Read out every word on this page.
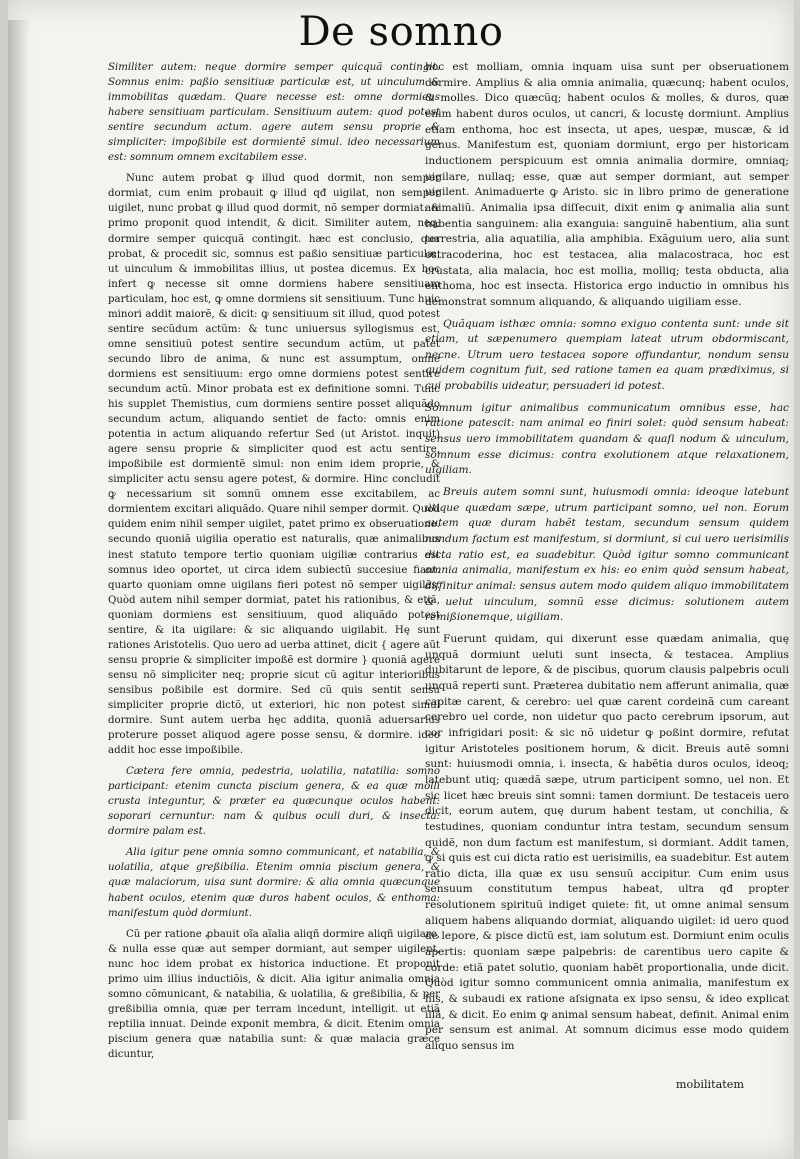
De somno

Similiter autem: neque dormire semper quicquã contingit. Somnus enim: paßio sensitiuæ particulæ est, ut uinculum & immobilitas quædam. Quare necesse est: omne dormiens habere sensitiuam particulam. Sensitiuum autem: quod potest sentire secundum actum. agere autem sensu proprie & simpliciter: impoßibile est dormientẽ simul. ideo necessarium est: somnum omnem excitabilem esse.

Nunc autem probat ꝙ illud quod dormit, non semper dormiat, cum enim probauit ꝙ illud qđ uigilat, non semper uigilet, nunc probat ꝙ illud quod dormit, nõ semper dormiat: & primo proponit quod intendit, & dicit. Similiter autem, neq; dormire semper quicquã contingit. hæc est conclusio, qua probat, & procedit sic, somnus est paßio sensitiuæ particulæ, ut uinculum & immobilitas illius, ut postea dicemus. Ex hoc infert ꝙ necesse sit omne dormiens habere sensitiuam particulam, hoc est, ꝙ omne dormiens sit sensitiuum. Tunc huic minori addit maiorẽ, & dicit: ꝙ sensitiuum sit illud, quod potest sentire secũdum actũm: & tunc uniuersus syllogismus est, omne sensitiuũ potest sentire secundum actũm, ut patet secundo libro de anima, & nunc est assumptum, omne dormiens est sensitiuum: ergo omne dormiens potest sentire secundum actũ. Minor probata est ex definitione somni. Tunc his supplet Themistius, cum dormiens sentire posset aliquãdo secundum actum, aliquando sentiet de facto: omnis enim potentia in actum aliquando refertur Sed (ut Aristot. inquit) agere sensu proprie & simpliciter quod est actu sentire, impoßibile est dormientẽ simul: non enim idem proprie, & simpliciter actu sensu agere potest, & dormire. Hinc concludit ꝙ necessarium sit somnũ omnem esse excitabilem, ac dormientem excitari aliquãdo. Quare nihil semper dormit. Quòd quidem enim nihil semper uigilet, patet primo ex obseruatione. secundo quoniã uigilia operatio est naturalis, quæ animalibus inest statuto tempore tertio quoniam uigiliæ contrarius est somnus ideo oportet, ut circa idem subiectũ succesiue fiant. quarto quoniam omne uigilans fieri potest nõ semper uigilãs. Quòd autem nihil semper dormiat, patet his rationibus, & etiã, quoniam dormiens est sensitiuum, quod aliquãdo potest sentire, & ita uigilare: & sic aliquando uigilabit. Hę sunt rationes Aristotelis. Quo uero ad uerba attinet, dicit { agere aũt sensu proprie & simpliciter impoßẽ est dormire } quoniã agere sensu nõ simpliciter neq; proprie sicut cũ agitur interioribus sensibus poßibile est dormire. Sed cũ quis sentit sensu simpliciter proprie dictõ, ut exteriori, hic non potest simul dormire. Sunt autem uerba hęc addita, quoniã aduersarius proterure posset aliquod agere posse sensu, & dormire. ideo addit hoc esse impoßibile.

Cætera fere omnia, pedestria, uolatilia, natatilia: somno participant: etenim cuncta piscium genera, & ea quæ molli crusta integuntur, & præter ea quæcunque oculos habent: soporari cernuntur: nam & quibus oculi duri, & insecta: dormire palam est.

Alia igitur pene omnia somno communicant, et natabilia, & uolatilia, atque greßibilia. Etenim omnia piscium genera, & quæ malaciorum, uisa sunt dormire: & alia omnia quæcunque habent oculos, etenim quæ duros habent oculos, & enthoma: manifestum quòd dormiunt.

Cũ per ratione ꝓbauit oĩa aĩalia aliqñ dormire aliqñ uigilare, & nulla esse quæ aut semper dormiant, aut semper uigilent, nunc hoc idem probat ex historica inductione. Et proponit primo uim illius inductiõis, & dicit. Alia igitur animalia omnia somno cõmunicant, & natabilia, & uolatilia, & greßibilia, & per greßibilia omnia, quæ per terram incedunt, intelligit. ut etiã reptilia innuat. Deinde exponit membra, & dicit. Etenim omnia piscium genera quæ natabilia sunt: & quæ malacia græce dicuntur,

hoc est molliam, omnia inquam uisa sunt per obseruationem dormire. Amplius & alia omnia animalia, quæcunq; habent oculos, & molles. Dico quæcũq; habent oculos & molles, & duros, quæ enim habent duros oculos, ut cancri, & locustę dormiunt. Amplius etiam enthoma, hoc est insecta, ut apes, uespæ, muscæ, & id genus. Manifestum est, quoniam dormiunt, ergo per historicam inductionem perspicuum est omnia animalia dormire, omniaq; uigilare, nullaq; esse, quæ aut semper dormiant, aut semper uigilent. Animaduerte ꝙ Aristo. sic in libro primo de generatione animaliũ. Animalia ipsa diſſecuit, dixit enim ꝙ animalia alia sunt habentia sanguinem: alia exanguia: sanguinẽ habentium, alia sunt terrestria, alia aquatilia, alia amphibia. Exãguium uero, alia sunt ostracoderina, hoc est testacea, alia malacostraca, hoc est crustata, alia malacia, hoc est mollia, molliq; testa obducta, alia enthoma, hoc est insecta. Historica ergo inductio in omnibus his demonstrat somnum aliquando, & aliquando uigiliam esse.

Quãquam isthæc omnia: somno exiguo contenta sunt: unde sit etiam, ut sæpenumero quempiam lateat utrum obdormiscant, necne. Utrum uero testacea sopore offundantur, nondum sensu quidem cognitum fuit, sed ratione tamen ea quam prædiximus, si cui probabilis uideatur, persuaderi id potest.

Somnum igitur animalibus communicatum omnibus esse, hac ratione patescit: nam animal eo finiri solet: quòd sensum habeat: sensus uero immobilitatem quandam & quaſi nodum & uinculum, somnum esse dicimus: contra exolutionem atque relaxationem, uigiliam.

Breuis autem somni sunt, huiusmodi omnia: ideoque latebunt utique quædam sæpe, utrum participant somno, uel non. Eorum autem quæ duram habẽt testam, secundum sensum quidem nondum factum est manifestum, si dormiunt, si cui uero uerisimilis dicta ratio est, ea suadebitur. Quòd igitur somno communicant omnia animalia, manifestum ex his: eo enim quòd sensum habeat, diffinitur animal: sensus autem modo quidem aliquo immobilitatem & uelut uinculum, somnũ esse dicimus: solutionem autem remißionemque, uigiliam.

Fuerunt quidam, qui dixerunt esse quædam animalia, quę unquã dormiunt ueluti sunt insecta, & testacea. Amplius dubitarunt de lepore, & de piscibus, quorum clausis palpebris oculi unquã reperti sunt. Præterea dubitatio nem afferunt animalia, quæ capitæ carent, & cerebro: uel quæ carent cordeinã cum careant cerebro uel corde, non uidetur quo pacto cerebrum ipsorum, aut cor infrigidari posit: & sic nõ uidetur ꝙ poßint dormire, refutat igitur Aristoteles positionem horum, & dicit. Breuis autẽ somni sunt: huiusmodi omnia, i. insecta, & habẽtia duros oculos, ideoq; latebunt utiq; quædã sæpe, utrum participent somno, uel non. Et sic licet hæc breuis sint somni: tamen dormiunt. De testaceis uero dicit, eorum autem, quę durum habent testam, ut conchilia, & testudines, quoniam conduntur intra testam, secundum sensum quidẽ, non dum factum est manifestum, si dormiant. Addit tamen, ꝙ si quis est cui dicta ratio est uerisimilis, ea suadebitur. Est autem ratio dicta, illa quæ ex usu sensuũ accipitur. Cum enim usus sensuum constitutum tempus habeat, ultra qđ propter resolutionem spirituũ indiget quiete: fit, ut omne animal sensum aliquem habens aliquando dormiat, aliquando uigilet: id uero quod de lepore, & pisce dictũ est, iam solutum est. Dormiunt enim oculis apertis: quoniam sæpe palpebris: de carentibus uero capite & corde: etiã patet solutio, quoniam habẽt proportionalia, unde dicit. Quòd igitur somno communicent omnia animalia, manifestum ex his, & subaudi ex ratione aſsignata ex ipso sensu, & ideo explicat illã, & dicit. Eo enim ꝙ animal sensum habeat, definit. Animal enim per sensum est animal. At somnum dicimus esse modo quidem aliquo sensus im

mobilitatem
